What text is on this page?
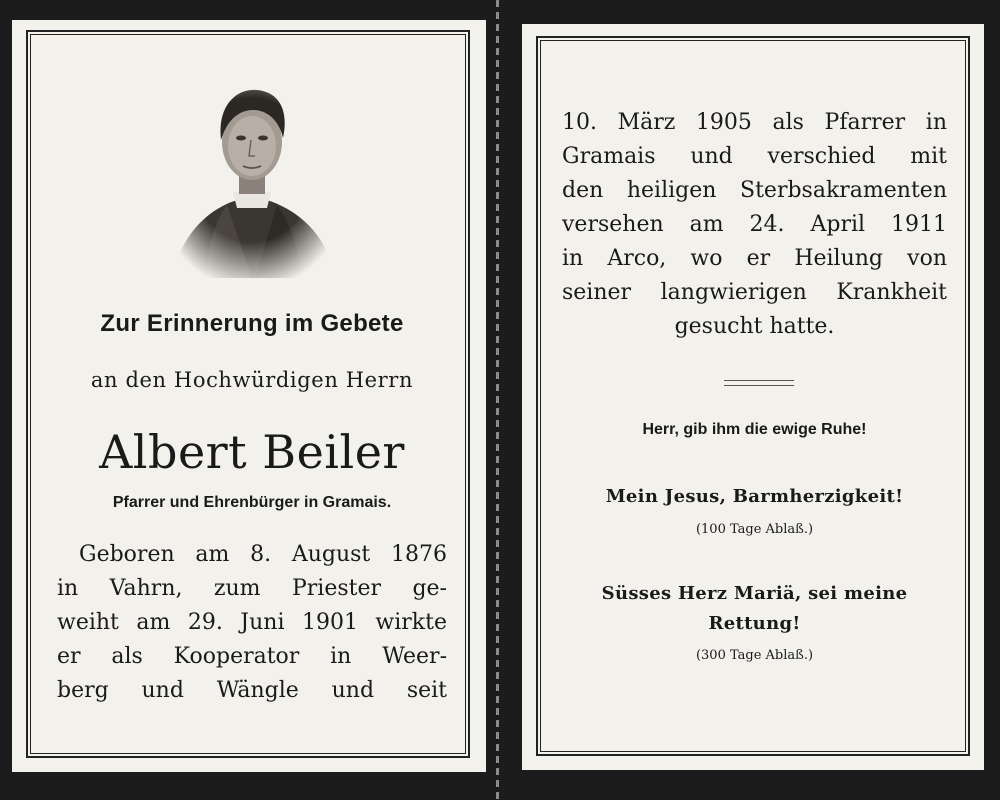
Zur Erinnerung im Gebete
an den Hochwürdigen Herrn
Albert Beiler
Pfarrer und Ehrenbürger in Gramais.
Geboren am 8. August 1876
in Vahrn, zum Priester ge-
weiht am 29. Juni 1901 wirkte
er als Kooperator in Weer-
berg und Wängle und seit
10. März 1905 als Pfarrer in
Gramais und verschied mit
den heiligen Sterbsakramenten
versehen am 24. April 1911
in Arco, wo er Heilung von
seiner langwierigen Krankheit
gesucht hatte.
Herr, gib ihm die ewige Ruhe!
Mein Jesus, Barmherzigkeit!
(100 Tage Ablaß.)
Süsses Herz Mariä, sei meine
Rettung!
(300 Tage Ablaß.)
